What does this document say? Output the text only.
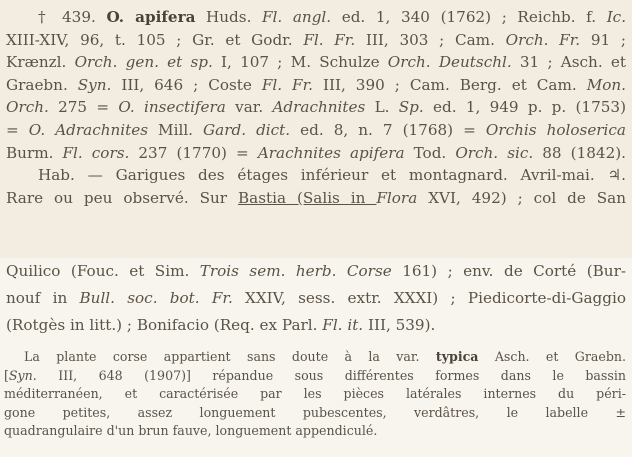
† 439. O. apifera Huds. Fl. angl. ed. 1, 340 (1762) ; Reichb. f. Ic.
XIII-XIV, 96, t. 105 ; Gr. et Godr. Fl. Fr. III, 303 ; Cam. Orch. Fr. 91 ;
Krænzl. Orch. gen. et sp. I, 107 ; M. Schulze Orch. Deutschl. 31 ; Asch. et
Graebn. Syn. III, 646 ; Coste Fl. Fr. III, 390 ; Cam. Berg. et Cam. Mon.
Orch. 275 = O. insectifera var. Adrachnites L. Sp. ed. 1, 949 p. p. (1753)
= O. Adrachnites Mill. Gard. dict. ed. 8, n. 7 (1768) = Orchis holoserica
Burm. Fl. cors. 237 (1770) = Arachnites apifera Tod. Orch. sic. 88 (1842).
Hab. — Garigues des étages inférieur et montagnard. Avril-mai. ♃.
Rare ou peu observé. Sur Bastia (Salis in Flora XVI, 492) ; col de San
Quilico (Fouc. et Sim. Trois sem. herb. Corse 161) ; env. de Corté (Bur-
nouf in Bull. soc. bot. Fr. XXIV, sess. extr. XXXI) ; Piedicorte-di-Gaggio
(Rotgès in litt.) ; Bonifacio (Req. ex Parl. Fl. it. III, 539).
La plante corse appartient sans doute à la var. typica Asch. et Graebn.
[Syn. III, 648 (1907)] répandue sous différentes formes dans le bassin
méditerranéen, et caractérisée par les pièces latérales internes du péri-
gone petites, assez longuement pubescentes, verdâtres, le labelle ±
quadrangulaire d'un brun fauve, longuement appendiculé.
